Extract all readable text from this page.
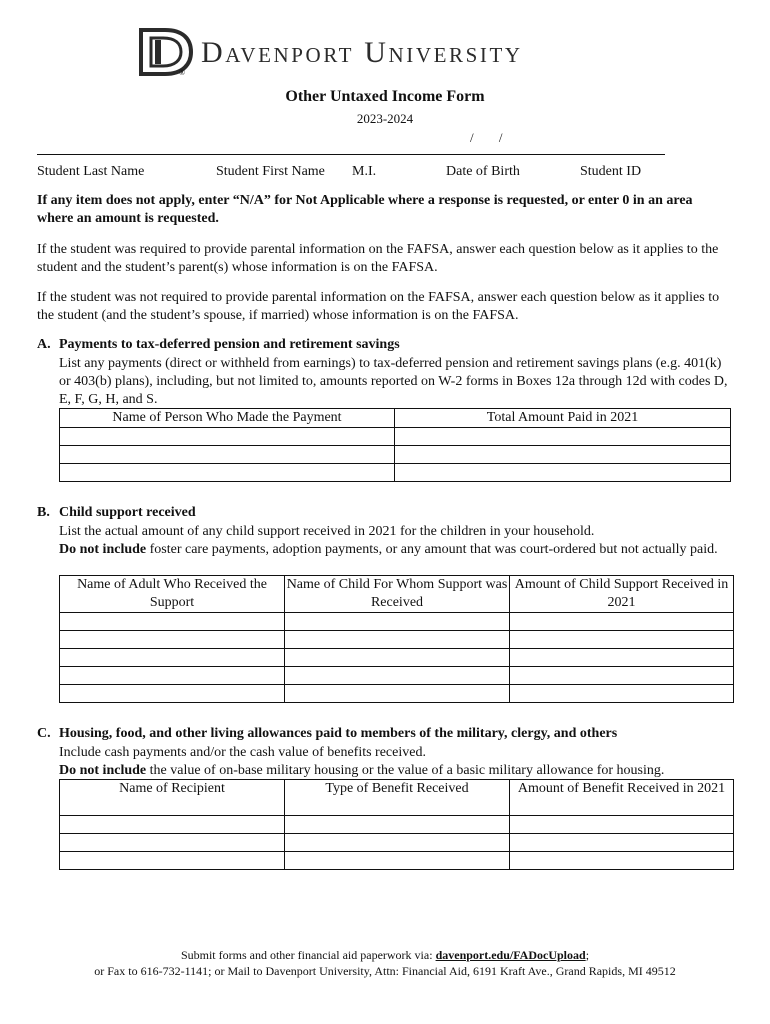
®
Davenport University
Other Untaxed Income Form
2023-2024
/ /
Student Last Name	Student First Name M.I.	Date of Birth	Student ID
If any item does not apply, enter “N/A” for Not Applicable where a response is requested, or enter 0 in an area where an amount is requested.
If the student was required to provide parental information on the FAFSA, answer each question below as it applies to the student and the student’s parent(s) whose information is on the FAFSA.
If the student was not required to provide parental information on the FAFSA, answer each question below as it applies to the student (and the student’s spouse, if married) whose information is on the FAFSA.
A. Payments to tax-deferred pension and retirement savings
List any payments (direct or withheld from earnings) to tax-deferred pension and retirement savings plans (e.g. 401(k) or 403(b) plans), including, but not limited to, amounts reported on W-2 forms in Boxes 12a through 12d with codes D, E, F, G, H, and S.
Name of Person Who Made the Payment	Total Amount Paid in 2021

B. Child support received
List the actual amount of any child support received in 2021 for the children in your household.
Do not include foster care payments, adoption payments, or any amount that was court-ordered but not actually paid.
Name of Adult Who Received the Support	Name of Child For Whom Support was Received	Amount of Child Support Received in 2021

C. Housing, food, and other living allowances paid to members of the military, clergy, and others
Include cash payments and/or the cash value of benefits received.
Do not include the value of on-base military housing or the value of a basic military allowance for housing.
Name of Recipient	Type of Benefit Received	Amount of Benefit Received in 2021

Submit forms and other financial aid paperwork via: davenport.edu/FADocUpload;
or Fax to 616-732-1141; or Mail to Davenport University, Attn: Financial Aid, 6191 Kraft Ave., Grand Rapids, MI 49512
